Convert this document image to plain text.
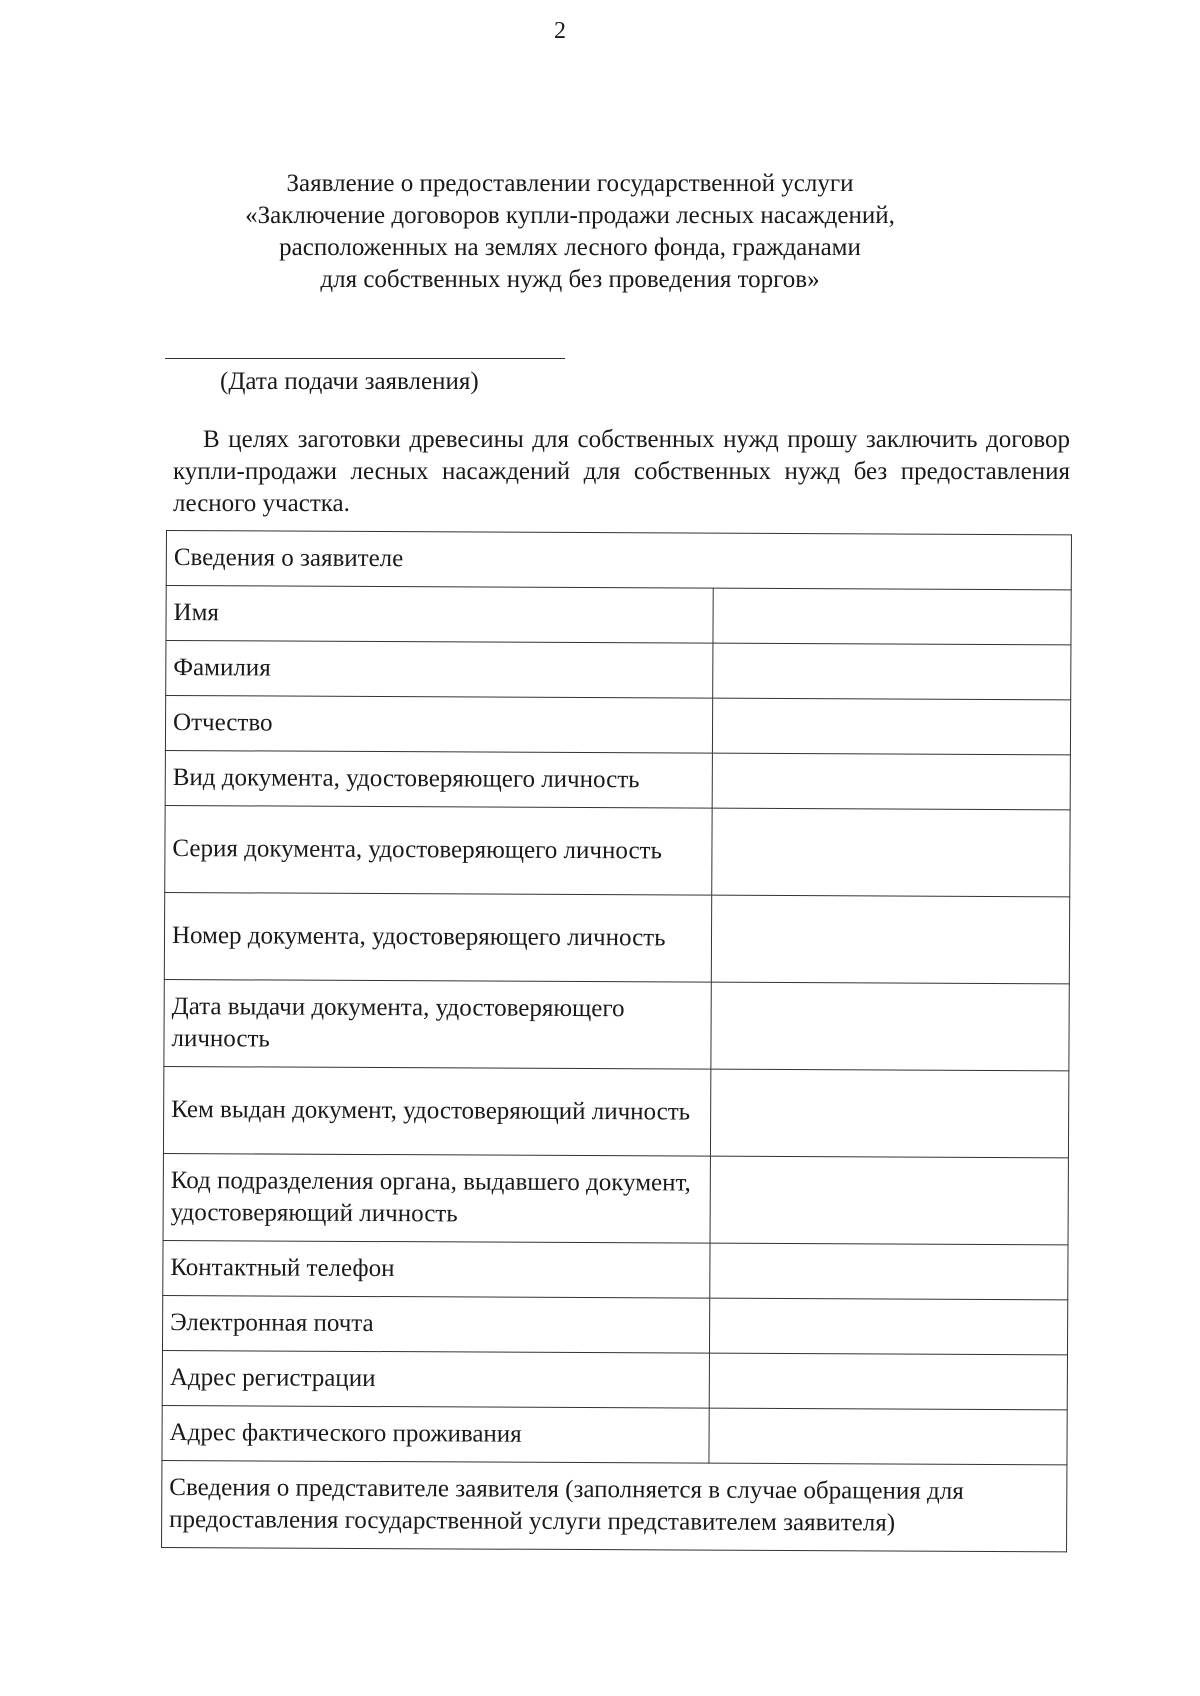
2
Заявление о предоставлении государственной услуги
«Заключение договоров купли-продажи лесных насаждений,
расположенных на землях лесного фонда, гражданами
для собственных нужд без проведения торгов»
(Дата подачи заявления)
В целях заготовки древесины для собственных нужд прошу заключить договор купли-продажи лесных насаждений для собственных нужд без предоставления лесного участка.
Сведения о заявителе	
Имя	
Фамилия	
Отчество	
Вид документа, удостоверяющего личность	
Серия документа, удостоверяющего личность	
Номер документа, удостоверяющего личность	
Дата выдачи документа, удостоверяющего личность	
Кем выдан документ, удостоверяющий личность	
Код подразделения органа, выдавшего документ, удостоверяющий личность	
Контактный телефон	
Электронная почта	
Адрес регистрации	
Адрес фактического проживания	
Сведения о представителе заявителя (заполняется в случае обращения для предоставления государственной услуги представителем заявителя)	
